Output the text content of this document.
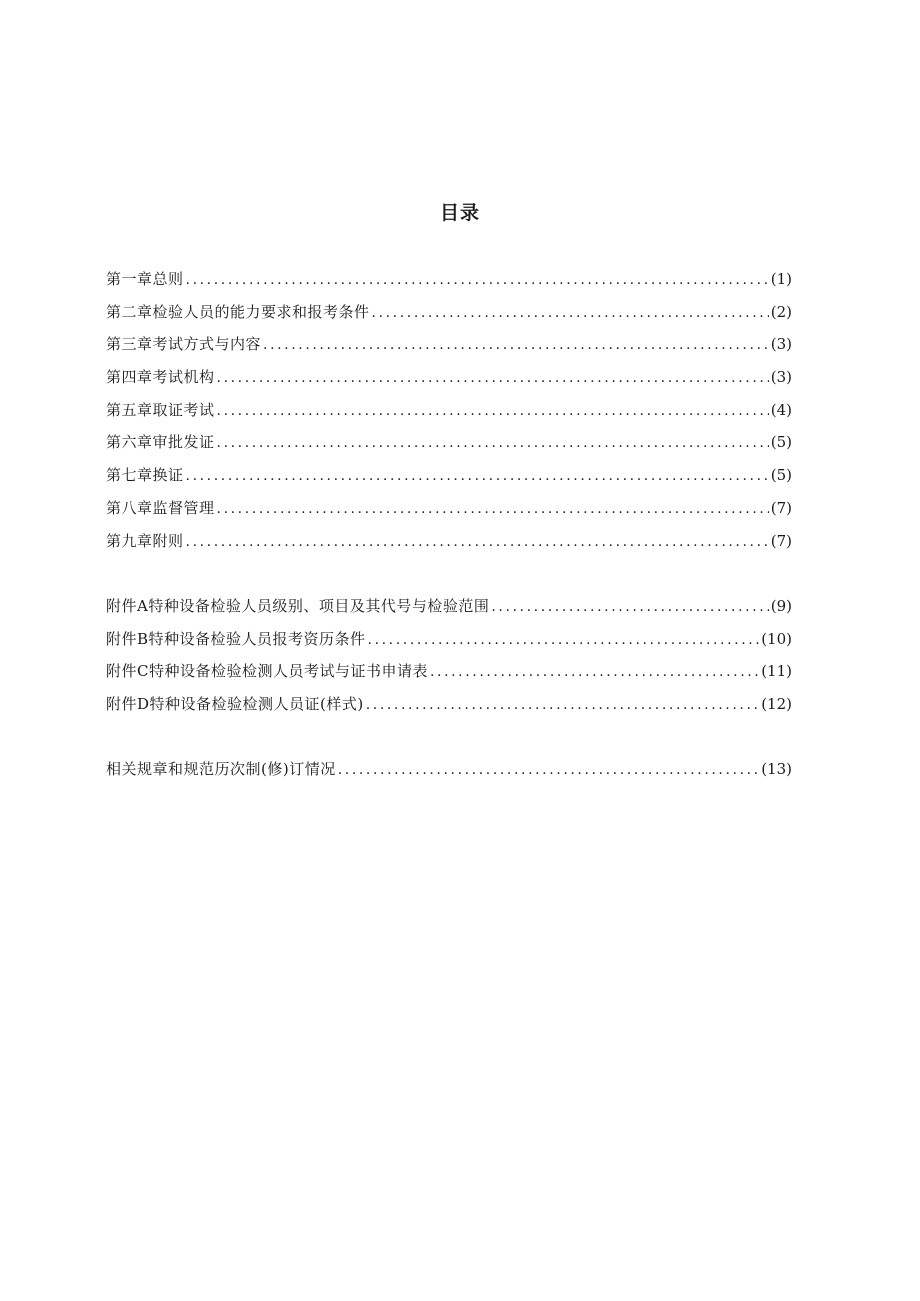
目录
第一章总则 .....	(1)
第二章检验人员的能力要求和报考条件 .....	(2)
第三章考试方式与内容 .....	(3)
第四章考试机构 .....	(3)
第五章取证考试 .....	(4)
第六章审批发证 .....	(5)
第七章换证 .....	(5)
第八章监督管理 .....	(7)
第九章附则 .....	(7)
附件A特种设备检验人员级别、项目及其代号与检验范围 .....	(9)
附件B特种设备检验人员报考资历条件 .....	(10)
附件C特种设备检验检测人员考试与证书申请表 .....	(11)
附件D特种设备检验检测人员证(样式) .....	(12)
相关规章和规范历次制(修)订情况 .....	(13)
